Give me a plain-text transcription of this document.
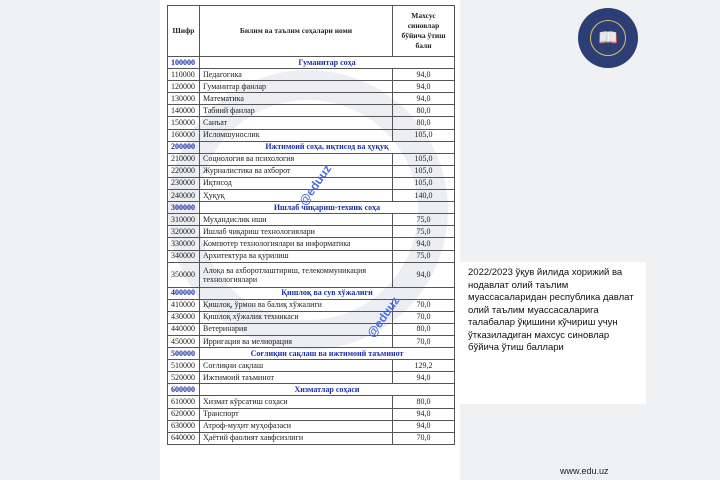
Шифр	Билим ва таълим соҳалари номи	Махсус синовлар бўйича ўтиш бали
100000	Гуманитар соҳа	
110000	Педагогика	94,0
120000	Гуманитар фанлар	94,0
130000	Математика	94,0
140000	Табиий фанлар	80,0
150000	Санъат	80,0
160000	Исломшунослик	105,0
200000	Ижтимоий соҳа, иқтисод ва ҳуқуқ	
210000	Социология ва психология	105,0
220000	Журналистика ва ахборот	105,0
230000	Иқтисод	105,0
240000	Ҳуқуқ	140,0
300000	Ишлаб чиқариш-техник соҳа	
310000	Муҳандислик иши	75,0
320000	Ишлаб чиқариш технологиялари	75,0
330000	Компютер технологиялари ва информатика	94,0
340000	Архитектура ва қурилиш	75,0
350000	Алоқа ва ахборотлаштириш, телекоммуникация технологиялари	94,0
400000	Қишлоқ ва сув хўжалиги	
410000	Қишлоқ, ўрмон ва балиқ хўжалиги	70,0
430000	Қишлоқ хўжалик техникаси	70,0
440000	Ветеринария	80,0
450000	Ирригация ва мелиорация	70,0
500000	Соғлиқни сақлаш ва ижтимоий таъминот	
510000	Соғлиқни сақлаш	129,2
520000	Ижтимоий таъминот	94,0
600000	Хизматлар соҳаси	
610000	Хизмат кўрсатиш соҳаси	80,0
620000	Транспорт	94,0
630000	Атроф-муҳит муҳофазаси	94,0
640000	Ҳаётий фаолият хавфсизлиги	70,0
@eduuz
@eduuz
📖
2022/2023 ўқув йилида хорижий ва нодавлат олий таълим муассасаларидан республика давлат олий таълим муассасаларига талабалар ўқишини кўчириш учун ўтказиладиган махсус синовлар бўйича ўтиш баллари
www.edu.uz
